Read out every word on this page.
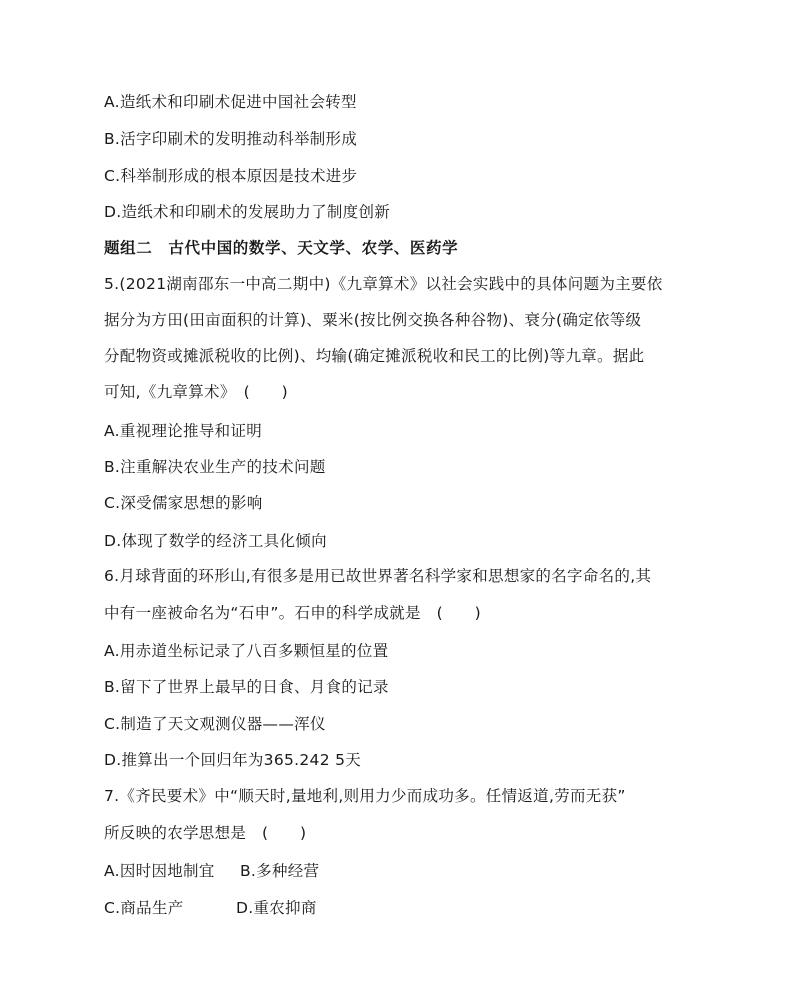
A.造纸术和印刷术促进中国社会转型
B.活字印刷术的发明推动科举制形成
C.科举制形成的根本原因是技术进步
D.造纸术和印刷术的发展助力了制度创新
题组二　古代中国的数学、天文学、农学、医药学
5.(2021湖南邵东一中高二期中)《九章算术》以社会实践中的具体问题为主要依
据分为方田(田亩面积的计算)、粟米(按比例交换各种谷物)、衰分(确定依等级
分配物资或摊派税收的比例)、均输(确定摊派税收和民工的比例)等九章。据此
可知,《九章算术》　(　　)
A.重视理论推导和证明
B.注重解决农业生产的技术问题
C.深受儒家思想的影响
D.体现了数学的经济工具化倾向
6.月球背面的环形山,有很多是用已故世界著名科学家和思想家的名字命名的,其
中有一座被命名为“石申”。石申的科学成就是　(　　)
A.用赤道坐标记录了八百多颗恒星的位置
B.留下了世界上最早的日食、月食的记录
C.制造了天文观测仪器——浑仪
D.推算出一个回归年为365.242 5天
7.《齐民要术》中“顺天时,量地利,则用力少而成功多。任情返道,劳而无获”
所反映的农学思想是　(　　)
A.因时因地制宜 B.多种经营
C.商品生产	D.重农抑商
